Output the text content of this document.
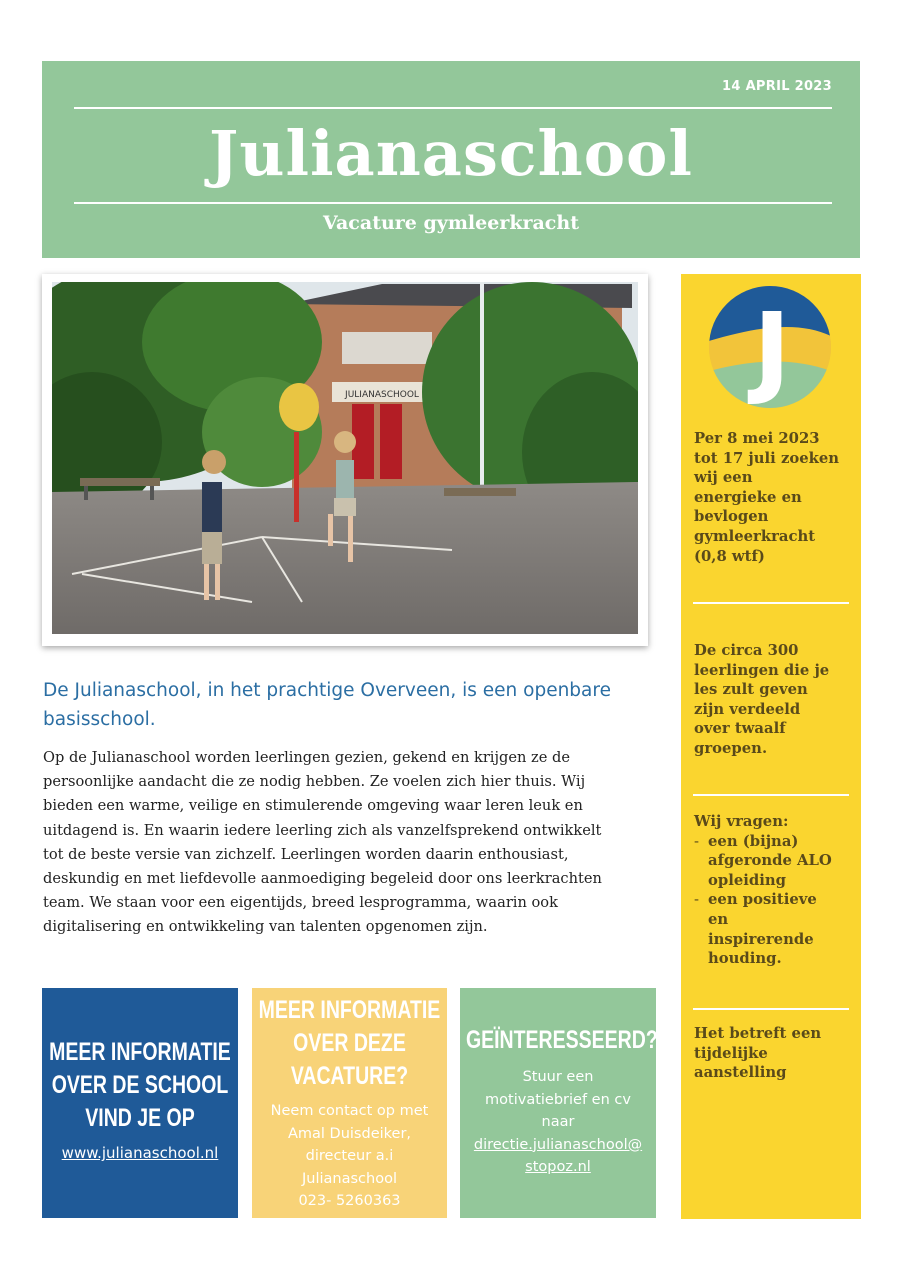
14 APRIL 2023
Julianaschool
Vacature gymleerkracht
JULIANASCHOOL
De Julianaschool, in het prachtige Overveen, is een openbare basisschool.
Op de Julianaschool worden leerlingen gezien, gekend en krijgen ze de
persoonlijke aandacht die ze nodig hebben. Ze voelen zich hier thuis. Wij
bieden een warme, veilige en stimulerende omgeving waar leren leuk en
uitdagend is. En waarin iedere leerling zich als vanzelfsprekend ontwikkelt
tot de beste versie van zichzelf. Leerlingen worden daarin enthousiast,
deskundig en met liefdevolle aanmoediging begeleid door ons leerkrachten
team. We staan voor een eigentijds, breed lesprogramma, waarin ook
digitalisering en ontwikkeling van talenten opgenomen zijn.
MEER INFORMATIE
OVER DE SCHOOL
VIND JE OP
www.julianaschool.nl
MEER INFORMATIE
OVER DEZE
VACATURE?
Neem contact op met
Amal Duisdeiker,
directeur a.i
Julianaschool
023- 5260363
GEÏNTERESSEERD?
Stuur een
motivatiebrief en cv
naar
directie.julianaschool@
stopoz.nl
J
Per 8 mei 2023
tot 17 juli zoeken
wij een
energieke en
bevlogen
gymleerkracht
(0,8 wtf)
De circa 300
leerlingen die je
les zult geven
zijn verdeeld
over twaalf
groepen.
Wij vragen:
- een (bijna)
afgeronde ALO
opleiding
- een positieve
en
inspirerende
houding.
Het betreft een
tijdelijke
aanstelling
